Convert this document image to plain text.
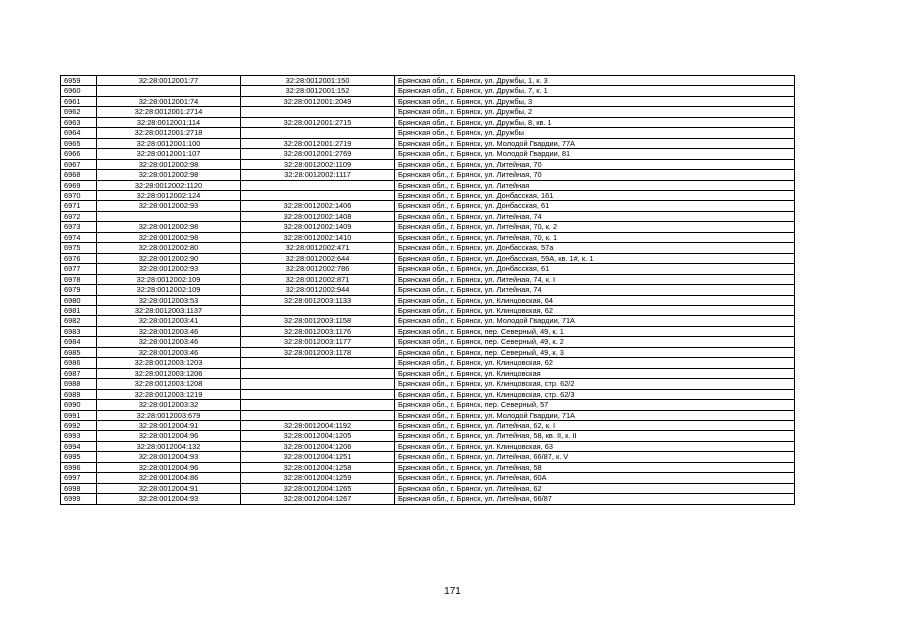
6959	32:28:0012001:77	32:28:0012001:150	Брянская обл., г. Брянск, ул. Дружбы, 1, к. 3
6960		32:28:0012001:152	Брянская обл., г. Брянск, ул. Дружбы, 7, к. 1
6961	32:28:0012001:74	32:28:0012001:2049	Брянская обл., г. Брянск, ул. Дружбы, 3
6962	32:28:0012001:2714		Брянская обл., г. Брянск, ул. Дружбы, 2
6963	32:28:0012001:114	32:28:0012001:2715	Брянская обл., г. Брянск, ул. Дружбы, 8, кв. 1
6964	32:28:0012001:2718		Брянская обл., г. Брянск, ул. Дружбы
6965	32:28:0012001:100	32:28:0012001:2719	Брянская обл., г. Брянск, ул. Молодой Гвардии, 77А
6966	32:28:0012001:107	32:28:0012001:2769	Брянская обл., г. Брянск, ул. Молодой Гвардии, 81
6967	32:28:0012002:98	32:28:0012002:1109	Брянская обл., г. Брянск, ул. Литейная, 70
6968	32:28:0012002:98	32:28:0012002:1117	Брянская обл., г. Брянск, ул. Литейная, 70
6969	32:28:0012002:1120		Брянская обл., г. Брянск, ул. Литейная
6970	32:28:0012002:124		Брянская обл., г. Брянск, ул. Донбасская, 161
6971	32:28:0012002:93	32:28:0012002:1406	Брянская обл., г. Брянск, ул. Донбасская, 61
6972		32:28:0012002:1408	Брянская обл., г. Брянск, ул. Литейная, 74
6973	32:28:0012002:98	32:28:0012002:1409	Брянская обл., г. Брянск, ул. Литейная, 70, к. 2
6974	32:28:0012002:98	32:28:0012002:1410	Брянская обл., г. Брянск, ул. Литейная, 70, к. 1
6975	32:28:0012002:80	32:28:0012002:471	Брянская обл., г. Брянск, ул. Донбасская, 57а
6976	32:28:0012002:90	32:28:0012002:644	Брянская обл., г. Брянск, ул. Донбасская, 59А, кв. 1#, к. 1
6977	32:28:0012002:93	32:28:0012002:786	Брянская обл., г. Брянск, ул. Донбасская, 61
6978	32:28:0012002:109	32:28:0012002:871	Брянская обл., г. Брянск, ул. Литейная, 74, к. I
6979	32:28:0012002:109	32:28:0012002:944	Брянская обл., г. Брянск, ул. Литейная, 74
6980	32:28:0012003:53	32:28:0012003:1133	Брянская обл., г. Брянск, ул. Клинцовская, 64
6981	32:28:0012003:1137		Брянская обл., г. Брянск, ул. Клинцовская, 62
6982	32:28:0012003:41	32:28:0012003:1158	Брянская обл., г. Брянск, ул. Молодой Гвардии, 71А
6983	32:28:0012003:46	32:28:0012003:1176	Брянская обл., г. Брянск, пер. Северный, 49, к. 1
6984	32:28:0012003:46	32:28:0012003:1177	Брянская обл., г. Брянск, пер. Северный, 49, к. 2
6985	32:28:0012003:46	32:28:0012003:1178	Брянская обл., г. Брянск, пер. Северный, 49, к. 3
6986	32:28:0012003:1203		Брянская обл., г. Брянск, ул. Клинцовская, 62
6987	32:28:0012003:1206		Брянская обл., г. Брянск, ул. Клинцовская
6988	32:28:0012003:1208		Брянская обл., г. Брянск, ул. Клинцовская, стр. 62/2
6989	32:28:0012003:1219		Брянская обл., г. Брянск, ул. Клинцовская, стр. 62/3
6990	32:28:0012003:32		Брянская обл., г. Брянск, пер. Северный, 57
6991	32:28:0012003:679		Брянская обл., г. Брянск, ул. Молодой Гвардии, 71А
6992	32:28:0012004:91	32:28:0012004:1192	Брянская обл., г. Брянск, ул. Литейная, 62, к. I
6993	32:28:0012004:96	32:28:0012004:1205	Брянская обл., г. Брянск, ул. Литейная, 58, кв. II, к. II
6994	32:28:0012004:132	32:28:0012004:1206	Брянская обл., г. Брянск, ул. Клинцовская, 63
6995	32:28:0012004:93	32:28:0012004:1251	Брянская обл., г. Брянск, ул. Литейная, 66/87, к. V
6996	32:28:0012004:96	32:28:0012004:1258	Брянская обл., г. Брянск, ул. Литейная, 58
6997	32:28:0012004:86	32:28:0012004:1259	Брянская обл., г. Брянск, ул. Литейная, 60А
6998	32:28:0012004:91	32:28:0012004:1265	Брянская обл., г. Брянск, ул. Литейная, 62
6999	32:28:0012004:93	32:28:0012004:1267	Брянская обл., г. Брянск, ул. Литейная, 66/87
171
